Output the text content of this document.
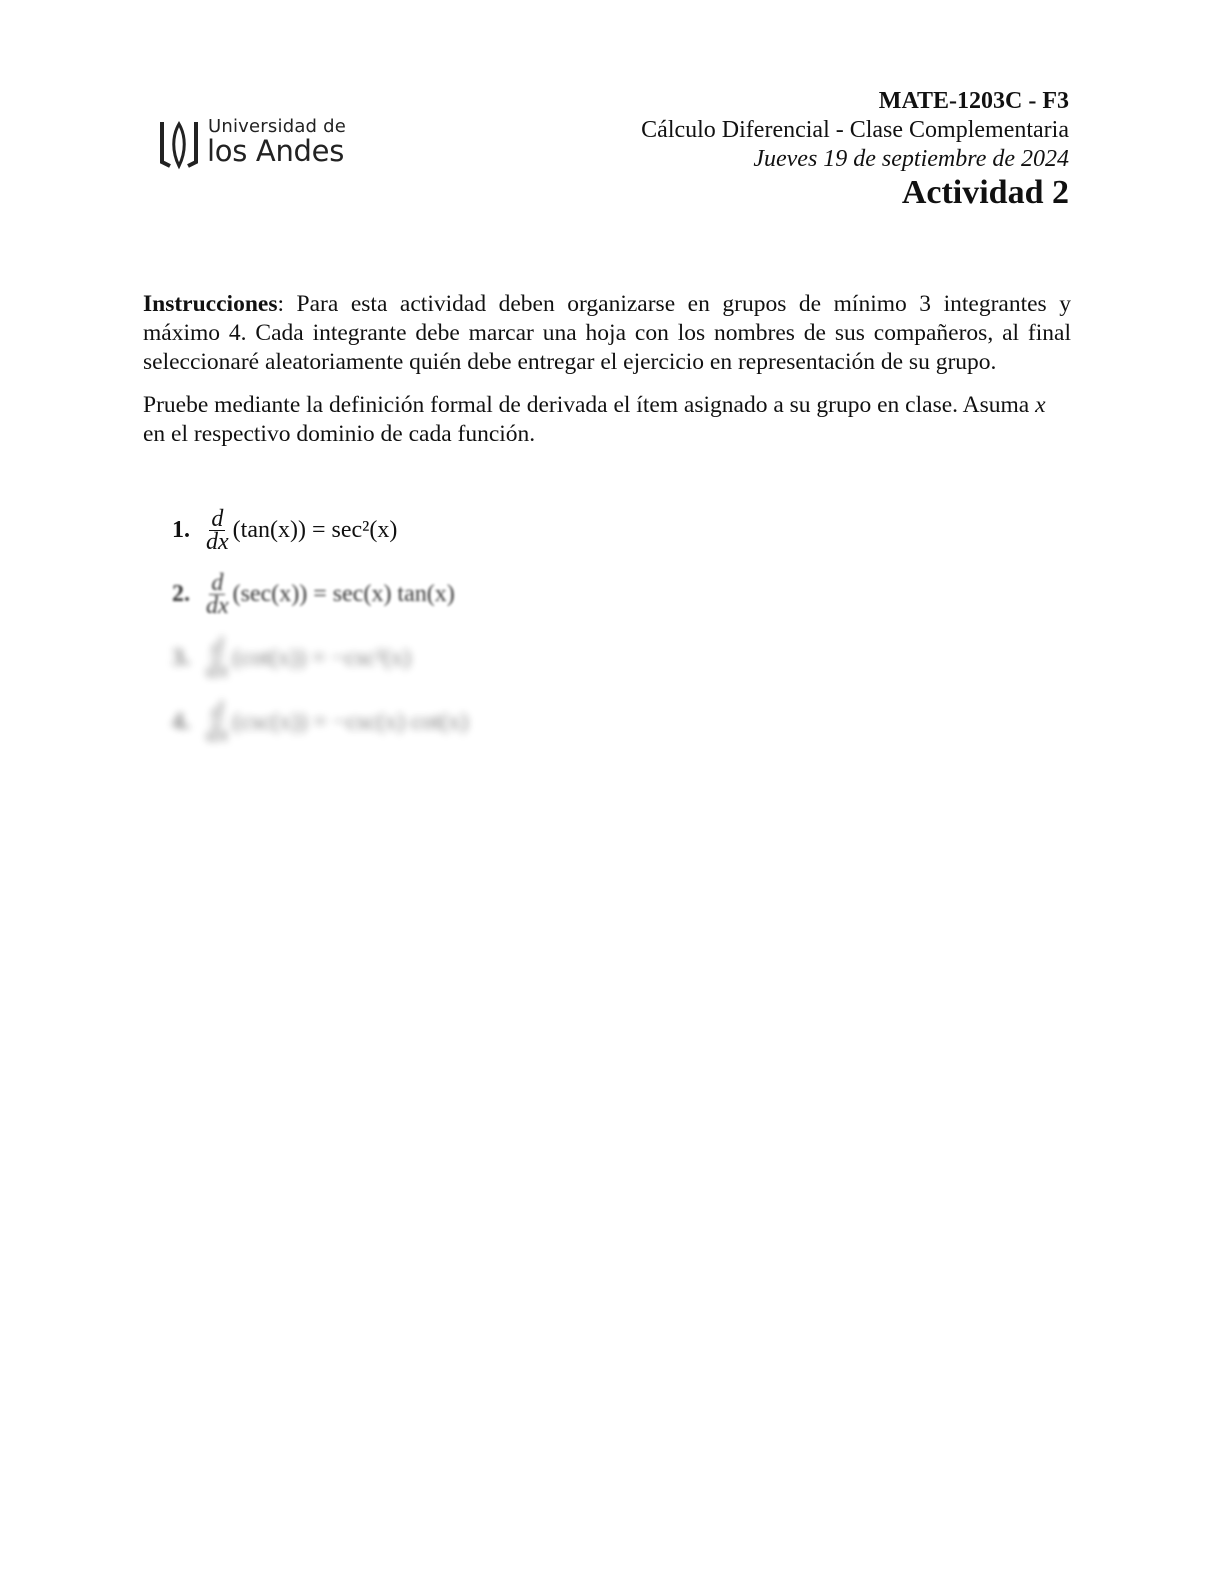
Universidad de
los Andes
MATE-1203C - F3
Cálculo Diferencial - Clase Complementaria
Jueves 19 de septiembre de 2024
Actividad 2

Instrucciones: Para esta actividad deben organizarse en grupos de mínimo 3 integrantes y máximo 4. Cada integrante debe marcar una hoja con los nombres de sus compañeros, al final seleccionaré aleatoriamente quién debe entregar el ejercicio en representación de su grupo.

Pruebe mediante la definición formal de derivada el ítem asignado a su grupo en clase. Asuma x
en el respectivo dominio de cada función.

1. $\frac{d}{dx} (\tan(x)) = \sec^2(x)$
2. $\frac{d}{dx} (\sec(x)) = \sec(x)$ tan(x)
3. $\frac{d}{dx} (\cot(x)) = -\csc^2(x)$
4. $\frac{d}{dx} (\csc(x)) = -\csc(x)$ cot(x)
